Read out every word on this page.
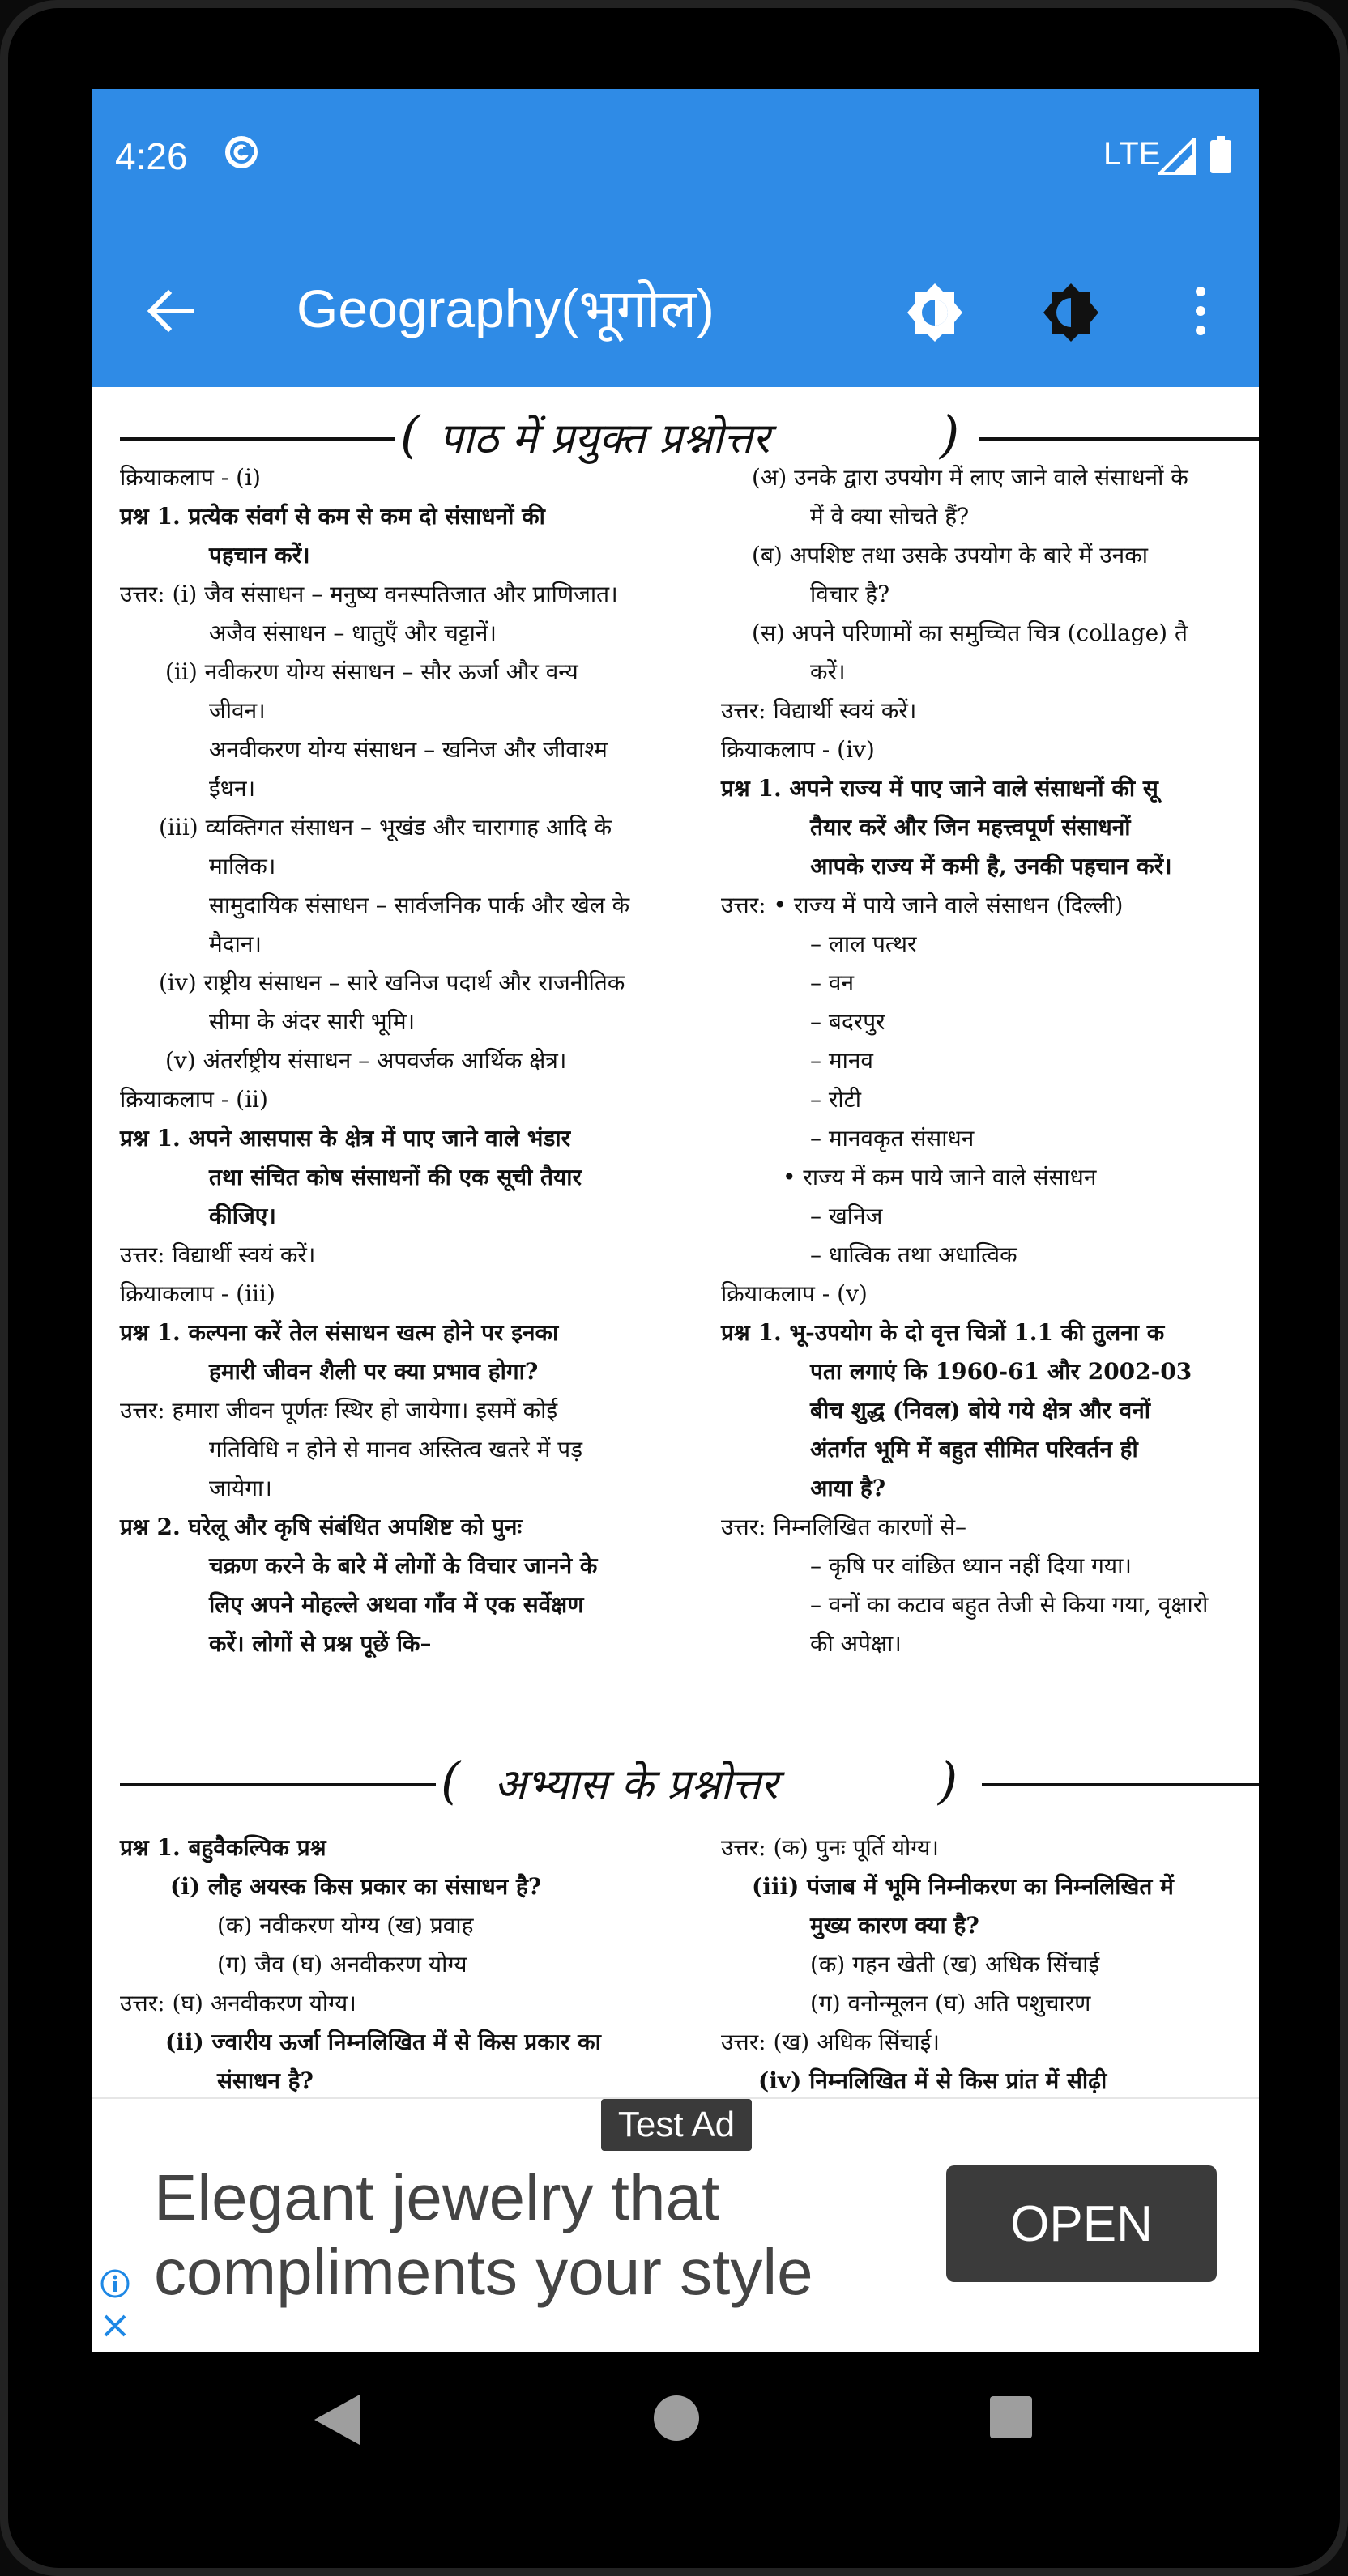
4:26	LTE
Geography(भूगोल)
( पाठ में प्रयुक्त प्रश्नोत्तर	)
क्रियाकलाप - (i)
प्रश्न 1. प्रत्येक संवर्ग से कम से कम दो संसाधनों की
पहचान करें।
उत्तर: (i) जैव संसाधन – मनुष्य वनस्पतिजात और प्राणिजात।
अजैव संसाधन – धातुएँ और चट्टानें।
(ii) नवीकरण योग्य संसाधन – सौर ऊर्जा और वन्य
जीवन।
अनवीकरण योग्य संसाधन – खनिज और जीवाश्म
ईंधन।
(iii) व्यक्तिगत संसाधन – भूखंड और चारागाह आदि के
मालिक।
सामुदायिक संसाधन – सार्वजनिक पार्क और खेल के
मैदान।
(iv) राष्ट्रीय संसाधन – सारे खनिज पदार्थ और राजनीतिक
सीमा के अंदर सारी भूमि।
(v) अंतर्राष्ट्रीय संसाधन – अपवर्जक आर्थिक क्षेत्र।
क्रियाकलाप - (ii)
प्रश्न 1. अपने आसपास के क्षेत्र में पाए जाने वाले भंडार
तथा संचित कोष संसाधनों की एक सूची तैयार
कीजिए।
उत्तर: विद्यार्थी स्वयं करें।
क्रियाकलाप - (iii)
प्रश्न 1. कल्पना करें तेल संसाधन खत्म होने पर इनका
हमारी जीवन शैली पर क्या प्रभाव होगा?
उत्तर: हमारा जीवन पूर्णतः स्थिर हो जायेगा। इसमें कोई
गतिविधि न होने से मानव अस्तित्व खतरे में पड़
जायेगा।
प्रश्न 2. घरेलू और कृषि संबंधित अपशिष्ट को पुनः
चक्रण करने के बारे में लोगों के विचार जानने के
लिए अपने मोहल्ले अथवा गाँव में एक सर्वेक्षण
करें। लोगों से प्रश्न पूछें कि–
(अ) उनके द्वारा उपयोग में लाए जाने वाले संसाधनों के
में वे क्या सोचते हैं?
(ब) अपशिष्ट तथा उसके उपयोग के बारे में उनका
विचार है?
(स) अपने परिणामों का समुच्चित चित्र (collage) तै
करें।
उत्तर: विद्यार्थी स्वयं करें।
क्रियाकलाप - (iv)
प्रश्न 1. अपने राज्य में पाए जाने वाले संसाधनों की सू
तैयार करें और जिन महत्त्वपूर्ण संसाधनों
आपके राज्य में कमी है, उनकी पहचान करें।
उत्तर: • राज्य में पाये जाने वाले संसाधन (दिल्ली)
– लाल पत्थर
– वन
– बदरपुर
– मानव
– रोटी
– मानवकृत संसाधन
• राज्य में कम पाये जाने वाले संसाधन
– खनिज
– धात्विक तथा अधात्विक
क्रियाकलाप - (v)
प्रश्न 1. भू-उपयोग के दो वृत्त चित्रों 1.1 की तुलना क
पता लगाएं कि 1960-61 और 2002-03
बीच शुद्ध (निवल) बोये गये क्षेत्र और वनों
अंतर्गत भूमि में बहुत सीमित परिवर्तन ही
आया है?
उत्तर: निम्नलिखित कारणों से–
– कृषि पर वांछित ध्यान नहीं दिया गया।
– वनों का कटाव बहुत तेजी से किया गया, वृक्षारो
की अपेक्षा।
( अभ्यास के प्रश्नोत्तर	)
प्रश्न 1. बहुवैकल्पिक प्रश्न
(i) लौह अयस्क किस प्रकार का संसाधन है?
(क) नवीकरण योग्य (ख) प्रवाह
(ग) जैव (घ) अनवीकरण योग्य
उत्तर: (घ) अनवीकरण योग्य।
(ii) ज्वारीय ऊर्जा निम्नलिखित में से किस प्रकार का
संसाधन है?
उत्तर: (क) पुनः पूर्ति योग्य।
(iii) पंजाब में भूमि निम्नीकरण का निम्नलिखित में
मुख्य कारण क्या है?
(क) गहन खेती (ख) अधिक सिंचाई
(ग) वनोन्मूलन (घ) अति पशुचारण
उत्तर: (ख) अधिक सिंचाई।
(iv) निम्नलिखित में से किस प्रांत में सीढ़ी
Test Ad
Elegant jewelry that compliments your style
OPEN
